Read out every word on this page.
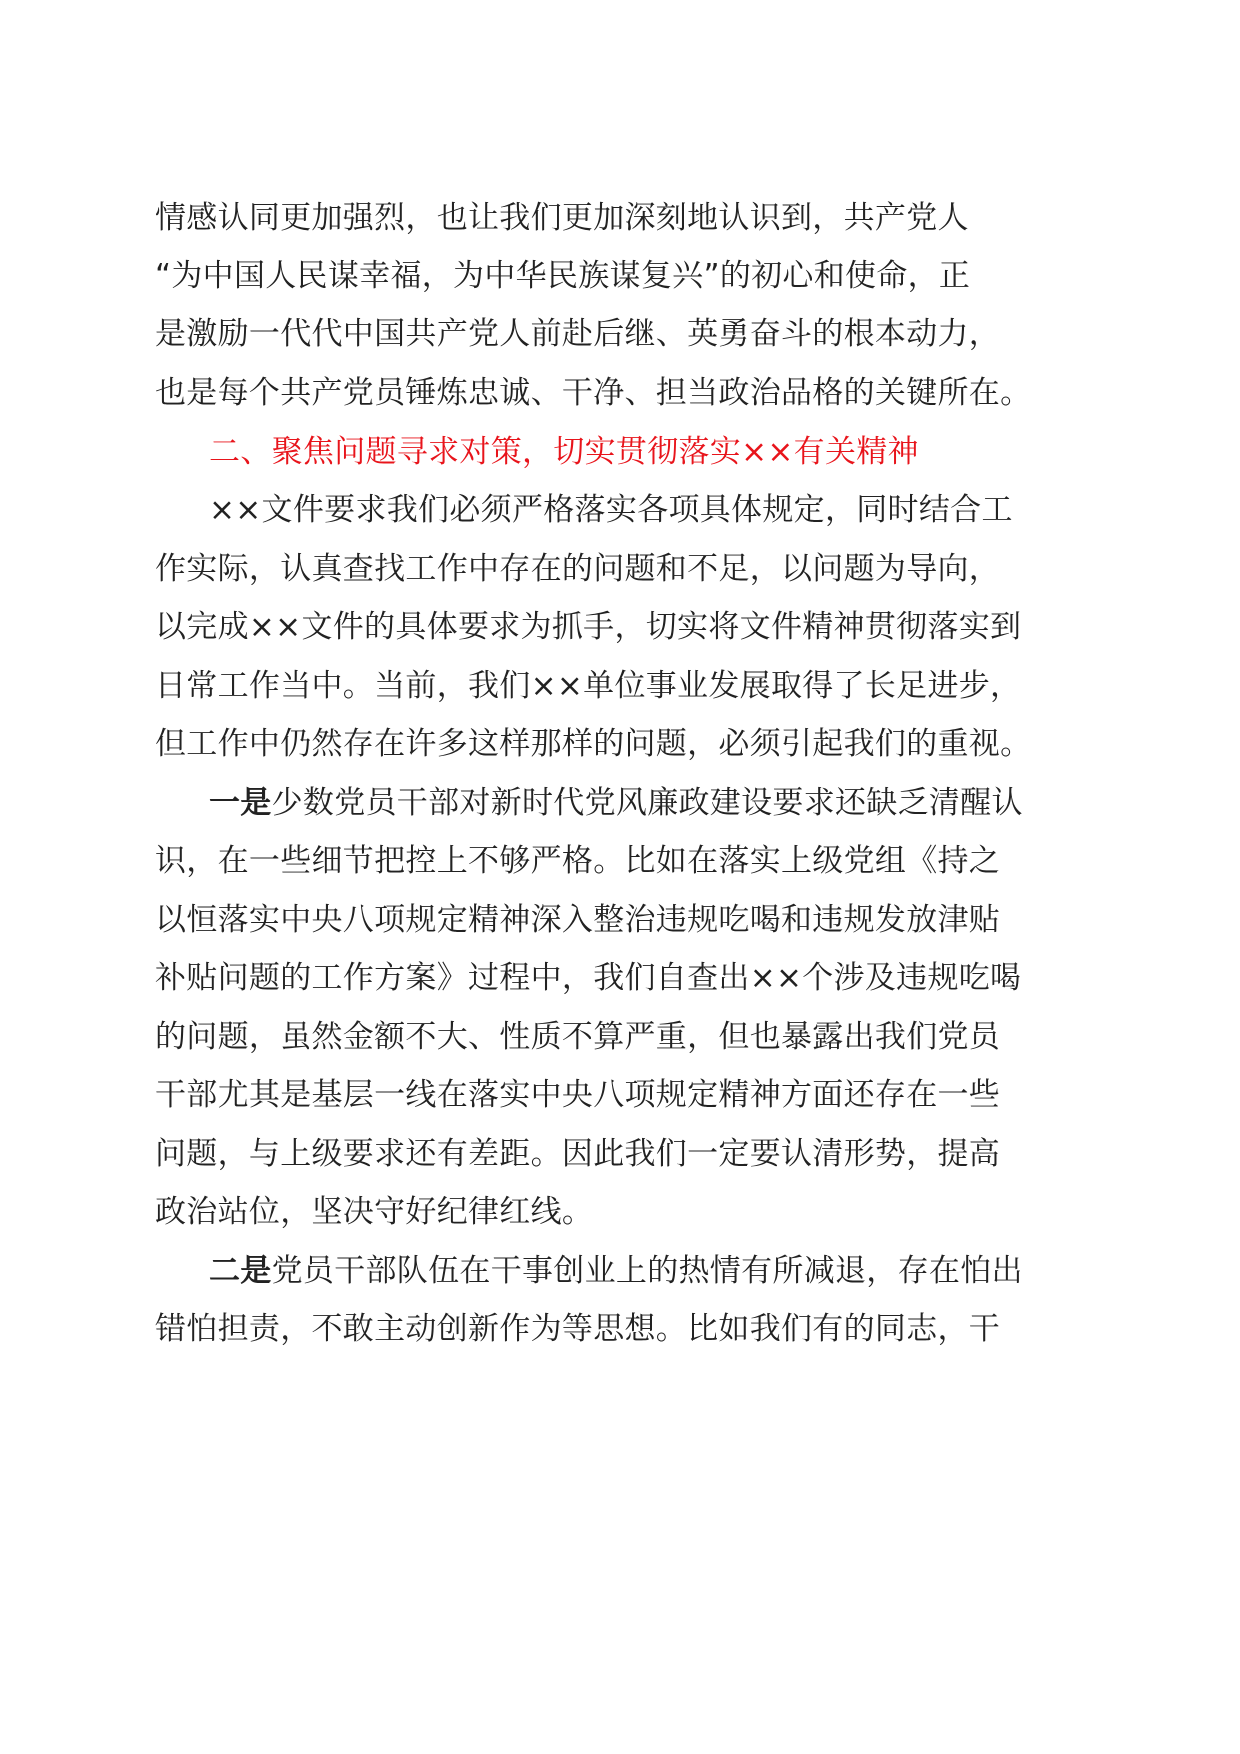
情感认同更加强烈，也让我们更加深刻地认识到，共产党人
“为中国人民谋幸福，为中华民族谋复兴”的初心和使命，正
是激励一代代中国共产党人前赴后继、英勇奋斗的根本动力，
也是每个共产党员锤炼忠诚、干净、担当政治品格的关键所在。
二、聚焦问题寻求对策，切实贯彻落实××有关精神
××文件要求我们必须严格落实各项具体规定，同时结合工
作实际，认真查找工作中存在的问题和不足，以问题为导向，
以完成××文件的具体要求为抓手，切实将文件精神贯彻落实到
日常工作当中。当前，我们××单位事业发展取得了长足进步，
但工作中仍然存在许多这样那样的问题，必须引起我们的重视。
一是少数党员干部对新时代党风廉政建设要求还缺乏清醒认
识，在一些细节把控上不够严格。比如在落实上级党组《持之
以恒落实中央八项规定精神深入整治违规吃喝和违规发放津贴
补贴问题的工作方案》过程中，我们自查出××个涉及违规吃喝
的问题，虽然金额不大、性质不算严重，但也暴露出我们党员
干部尤其是基层一线在落实中央八项规定精神方面还存在一些
问题，与上级要求还有差距。因此我们一定要认清形势，提高
政治站位，坚决守好纪律红线。
二是党员干部队伍在干事创业上的热情有所减退，存在怕出
错怕担责，不敢主动创新作为等思想。比如我们有的同志，干
